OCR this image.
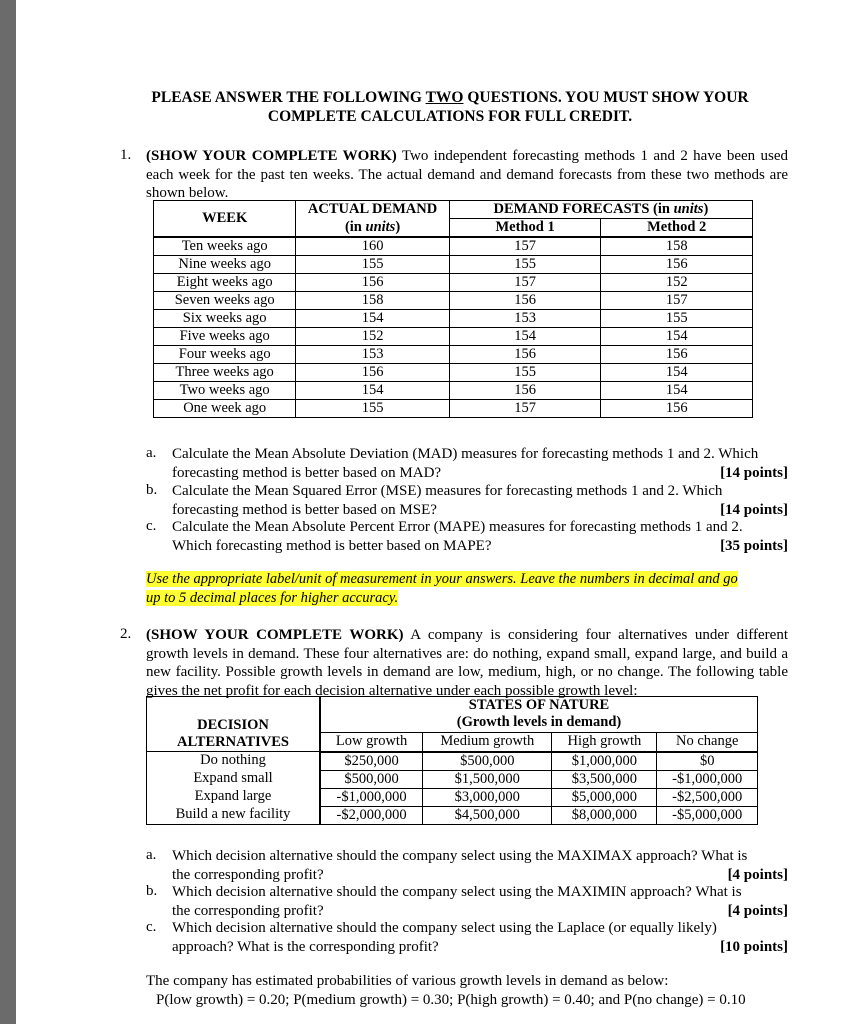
PLEASE ANSWER THE FOLLOWING TWO QUESTIONS. YOU MUST SHOW YOUR
COMPLETE CALCULATIONS FOR FULL CREDIT.
1. (SHOW YOUR COMPLETE WORK) Two independent forecasting methods 1 and 2 have been used each week for the past ten weeks. The actual demand and demand forecasts from these two methods are shown below.
WEEK	ACTUAL DEMAND	DEMAND FORECASTS (in units)	
	(in units)	Method 1	Method 2
Ten weeks ago	160	157	158
Nine weeks ago	155	155	156
Eight weeks ago	156	157	152
Seven weeks ago	158	156	157
Six weeks ago	154	153	155
Five weeks ago	152	154	154
Four weeks ago	153	156	156
Three weeks ago	156	155	154
Two weeks ago	154	156	154
One week ago	155	157	156
a. Calculate the Mean Absolute Deviation (MAD) measures for forecasting methods 1 and 2. Which
forecasting method is better based on MAD?	[14 points]
b. Calculate the Mean Squared Error (MSE) measures for forecasting methods 1 and 2. Which
forecasting method is better based on MSE?	[14 points]
c. Calculate the Mean Absolute Percent Error (MAPE) measures for forecasting methods 1 and 2.
Which forecasting method is better based on MAPE?	[35 points]
Use the appropriate label/unit of measurement in your answers. Leave the numbers in decimal and go
up to 5 decimal places for higher accuracy.
2. (SHOW YOUR COMPLETE WORK) A company is considering four alternatives under different growth levels in demand. These four alternatives are: do nothing, expand small, expand large, and build a new facility. Possible growth levels in demand are low, medium, high, or no change. The following table gives the net profit for each decision alternative under each possible growth level:
DECISION
ALTERNATIVES	STATES OF NATURE			
	(Growth levels in demand)			
	Low growth	Medium growth	High growth	No change
Do nothing	$250,000	$500,000	$1,000,000	$0
Expand small	$500,000	$1,500,000	$3,500,000	-$1,000,000
Expand large	-$1,000,000	$3,000,000	$5,000,000	-$2,500,000
Build a new facility	-$2,000,000	$4,500,000	$8,000,000	-$5,000,000
a. Which decision alternative should the company select using the MAXIMAX approach? What is
the corresponding profit?	[4 points]
b. Which decision alternative should the company select using the MAXIMIN approach? What is
the corresponding profit?	[4 points]
c. Which decision alternative should the company select using the Laplace (or equally likely)
approach? What is the corresponding profit?	[10 points]
The company has estimated probabilities of various growth levels in demand as below:
P(low growth) = 0.20; P(medium growth) = 0.30; P(high growth) = 0.40; and P(no change) = 0.10
